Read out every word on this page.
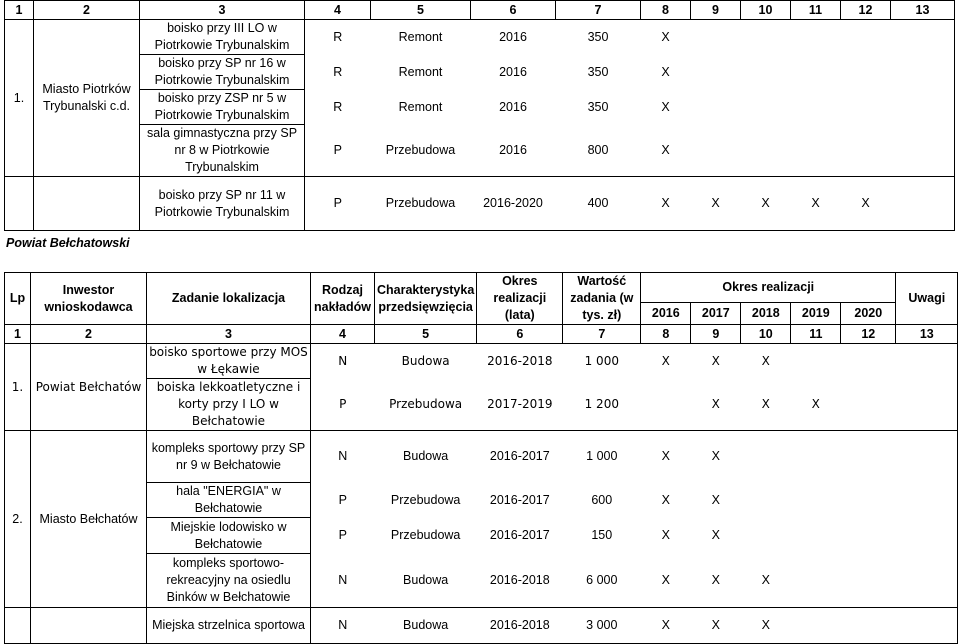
1	2	3	4	5	6	7	8	9	10	11	12	13
1.	Miasto Piotrków Trybunalski c.d.	boisko przy III LO w Piotrkowie Trybunalskim	R	Remont	2016	350	X					
		boisko przy SP nr 16 w Piotrkowie Trybunalskim	R	Remont	2016	350	X					
		boisko przy ZSP nr 5 w Piotrkowie Trybunalskim	R	Remont	2016	350	X					
		sala gimnastyczna przy SP nr 8 w Piotrkowie Trybunalskim	P	Przebudowa	2016	800	X					
		boisko przy SP nr 11 w Piotrkowie Trybunalskim	P	Przebudowa	2016-2020	400	X	X	X	X	X	
Powiat Bełchatowski
Lp	Inwestor wnioskodawca	Zadanie lokalizacja	Rodzaj nakładów	Charakterystyka przedsięwzięcia	Okres realizacji (lata)	Wartość zadania (w tys. zł)	Okres realizacji					Uwagi
							2016	2017	2018	2019	2020	
1	2	3	4	5	6	7	8	9	10	11	12	13
1.	Powiat Bełchatów	boisko sportowe przy MOS w Łękawie	N	Budowa	2016-2018	1 000	X	X	X			
		boiska lekkoatletyczne i korty przy I LO w Bełchatowie	P	Przebudowa	2017-2019	1 200		X	X	X		
2.	Miasto Bełchatów	kompleks sportowy przy SP nr 9 w Bełchatowie	N	Budowa	2016-2017	1 000	X	X				
		hala "ENERGIA" w Bełchatowie	P	Przebudowa	2016-2017	600	X	X				
		Miejskie lodowisko w Bełchatowie	P	Przebudowa	2016-2017	150	X	X				
		kompleks sportowo-rekreacyjny na osiedlu Binków w Bełchatowie	N	Budowa	2016-2018	6 000	X	X	X			
		Miejska strzelnica sportowa	N	Budowa	2016-2018	3 000	X	X	X			
